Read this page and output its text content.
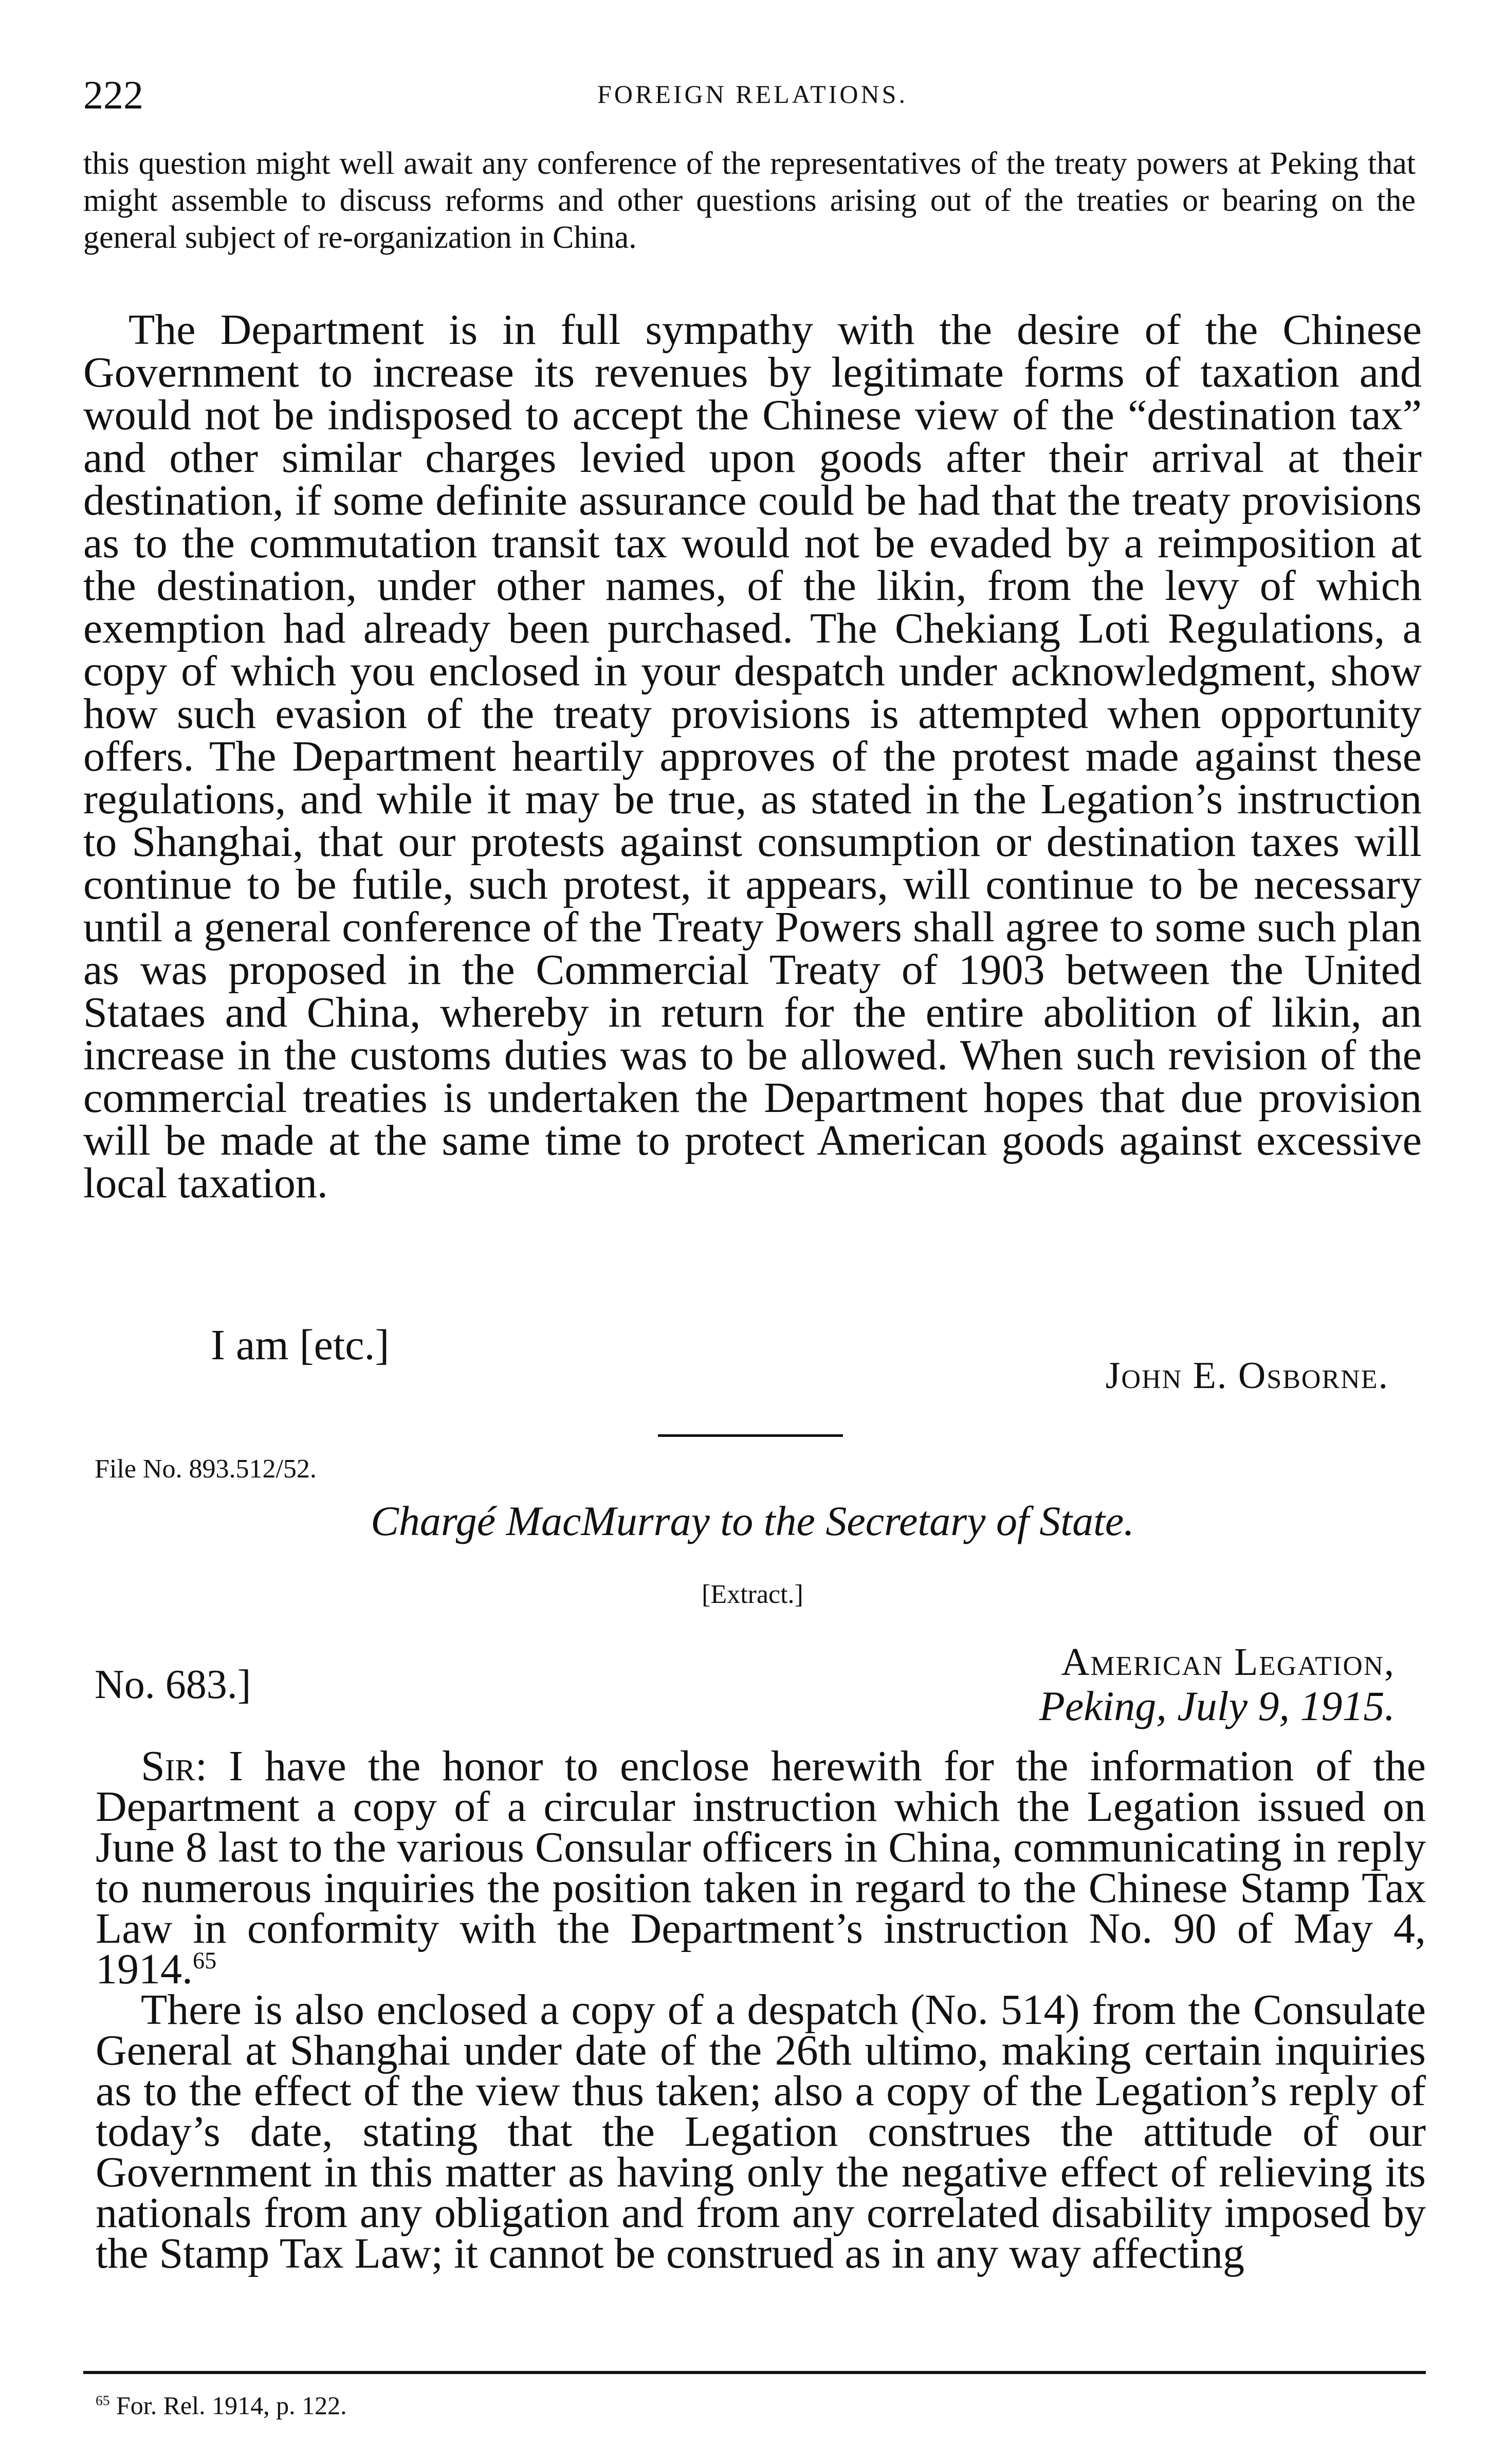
222	FOREIGN RELATIONS.
this question might well await any conference of the representatives of the treaty powers at Peking that might assemble to discuss reforms and other questions arising out of the treaties or bearing on the general subject of re-organization in China.
The Department is in full sympathy with the desire of the Chinese Government to increase its revenues by legitimate forms of taxation and would not be indisposed to accept the Chinese view of the “destination tax” and other similar charges levied upon goods after their arrival at their destination, if some definite assurance could be had that the treaty provisions as to the commutation transit tax would not be evaded by a reimposition at the destination, under other names, of the likin, from the levy of which exemption had already been purchased. The Chekiang Loti Regulations, a copy of which you enclosed in your despatch under acknowledgment, show how such evasion of the treaty provisions is attempted when opportunity offers. The Department heartily approves of the protest made against these regulations, and while it may be true, as stated in the Legation’s instruction to Shanghai, that our protests against consumption or destination taxes will continue to be futile, such protest, it appears, will continue to be necessary until a general conference of the Treaty Powers shall agree to some such plan as was proposed in the Commercial Treaty of 1903 between the United Stataes and China, whereby in return for the entire abolition of likin, an increase in the customs duties was to be allowed. When such revision of the commercial treaties is undertaken the Department hopes that due provision will be made at the same time to protect American goods against excessive local taxation.
I am [etc.]
John E. Osborne.
File No. 893.512/52.
Chargé MacMurray to the Secretary of State.
[Extract.]
No. 683.]	American Legation,
Peking, July 9, 1915.
Sir: I have the honor to enclose herewith for the information of the Department a copy of a circular instruction which the Legation issued on June 8 last to the various Consular officers in China, communicating in reply to numerous inquiries the position taken in regard to the Chinese Stamp Tax Law in conformity with the Department’s instruction No. 90 of May 4, 1914.65
There is also enclosed a copy of a despatch (No. 514) from the Consulate General at Shanghai under date of the 26th ultimo, making certain inquiries as to the effect of the view thus taken; also a copy of the Legation’s reply of today’s date, stating that the Legation construes the attitude of our Government in this matter as having only the negative effect of relieving its nationals from any obligation and from any correlated disability imposed by the Stamp Tax Law; it cannot be construed as in any way affecting
$^{65}$ For. Rel. 1914, p. 122.
